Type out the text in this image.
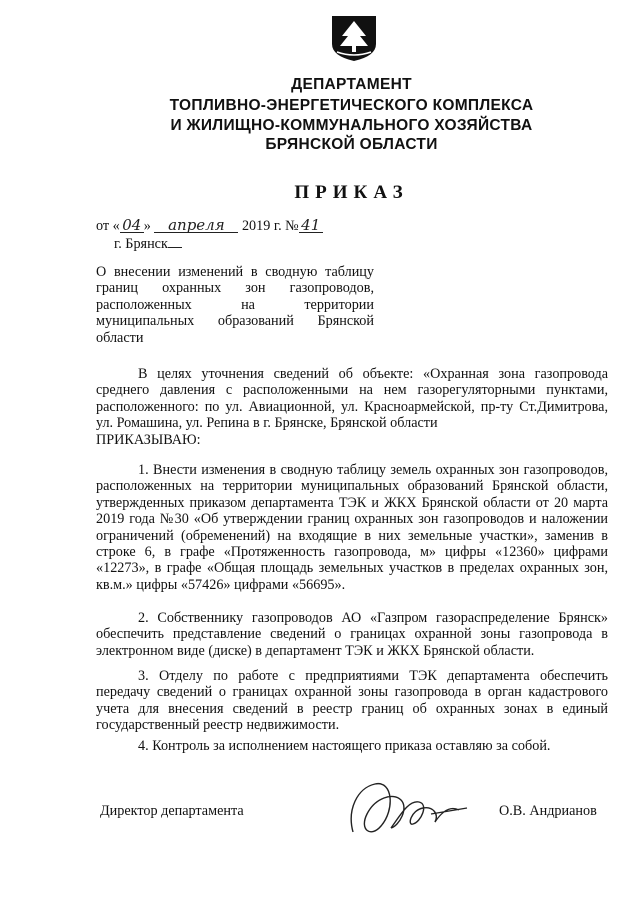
ДЕПАРТАМЕНТ
ТОПЛИВНО-ЭНЕРГЕТИЧЕСКОГО КОМПЛЕКСА
И ЖИЛИЩНО-КОММУНАЛЬНОГО ХОЗЯЙСТВА
БРЯНСКОЙ ОБЛАСТИ
ПРИКАЗ
от « 04 » апреля 2019 г. № 41
г. Брянск
О внесении изменений в сводную таблицу границ охранных зон газопроводов, расположенных на территории муниципальных образований Брянской области
В целях уточнения сведений об объекте: «Охранная зона газопровода среднего давления с расположенными на нем газорегуляторными пунктами, расположенного: по ул. Авиационной, ул. Красноармейской, пр-ту Ст.Димитрова, ул. Ромашина, ул. Репина в г. Брянске, Брянской области
ПРИКАЗЫВАЮ:
1. Внести изменения в сводную таблицу земель охранных зон газопроводов, расположенных на территории муниципальных образований Брянской области, утвержденных приказом департамента ТЭК и ЖКХ Брянской области от 20 марта 2019 года №30 «Об утверждении границ охранных зон газопроводов и наложении ограничений (обременений) на входящие в них земельные участки», заменив в строке 6, в графе «Протяженность газопровода, м» цифры «12360» цифрами «12273», в графе «Общая площадь земельных участков в пределах охранных зон, кв.м.» цифры «57426» цифрами «56695».
2. Собственнику газопроводов АО «Газпром газораспределение Брянск» обеспечить представление сведений о границах охранной зоны газопровода в электронном виде (диске) в департамент ТЭК и ЖКХ Брянской области.
3. Отделу по работе с предприятиями ТЭК департамента обеспечить передачу сведений о границах охранной зоны газопровода в орган кадастрового учета для внесения сведений в реестр границ об охранных зонах в единый государственный реестр недвижимости.
4. Контроль за исполнением настоящего приказа оставляю за собой.
Директор департамента	О.В. Андрианов
